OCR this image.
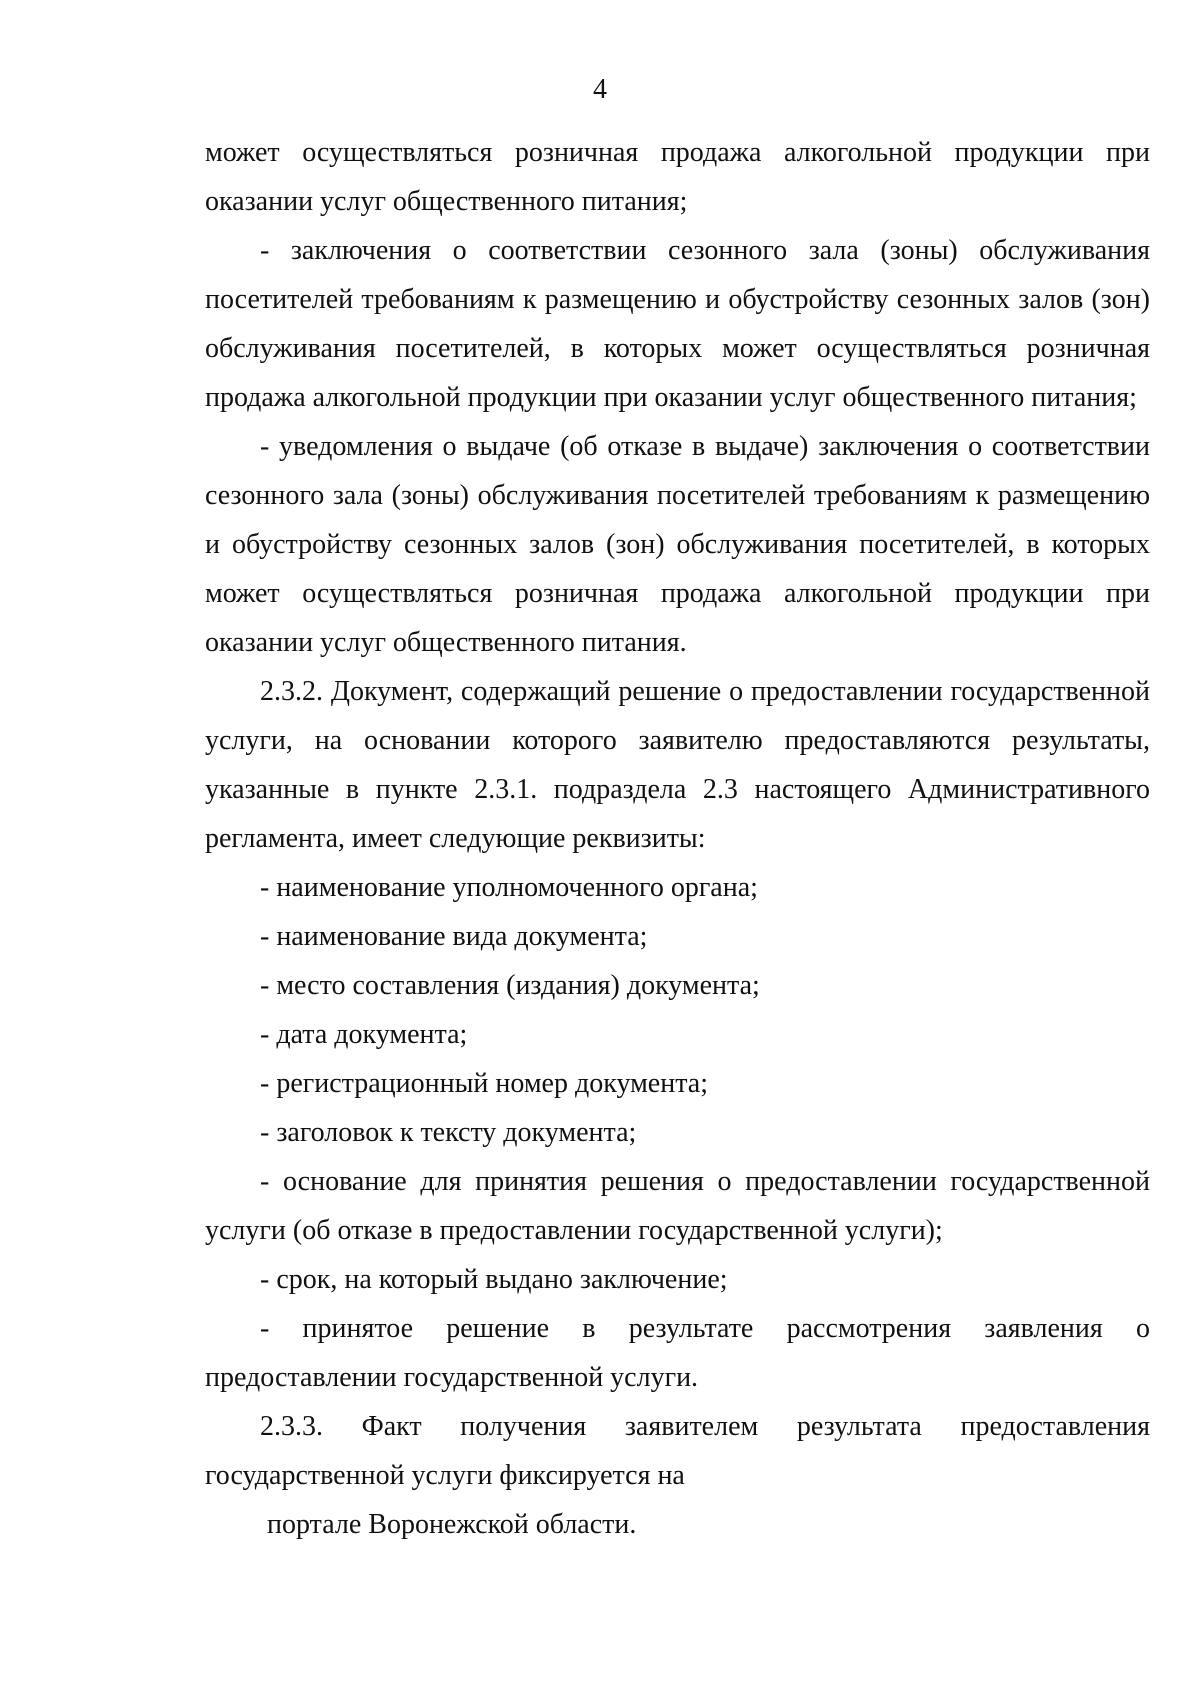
4

может осуществляться розничная продажа алкогольной продукции при оказании услуг общественного питания;

- заключения о соответствии сезонного зала (зоны) обслуживания посетителей требованиям к размещению и обустройству сезонных залов (зон) обслуживания посетителей, в которых может осуществляться розничная продажа алкогольной продукции при оказании услуг общественного питания;

- уведомления о выдаче (об отказе в выдаче) заключения о соответствии сезонного зала (зоны) обслуживания посетителей требованиям к размещению и обустройству сезонных залов (зон) обслуживания посетителей, в которых может осуществляться розничная продажа алкогольной продукции при оказании услуг общественного питания.

2.3.2. Документ, содержащий решение о предоставлении государственной услуги, на основании которого заявителю предоставляются результаты, указанные в пункте 2.3.1. подраздела 2.3 настоящего Административного регламента, имеет следующие реквизиты:

- наименование уполномоченного органа;

- наименование вида документа;

- место составления (издания) документа;

- дата документа;

- регистрационный номер документа;

- заголовок к тексту документа;

- основание для принятия решения о предоставлении государственной услуги (об отказе в предоставлении государственной услуги);

- срок, на который выдано заключение;

- принятое решение в результате рассмотрения заявления о предоставлении государственной услуги.

2.3.3. Факт получения заявителем результата предоставления государственной услуги фиксируется на

портале Воронежской области.
